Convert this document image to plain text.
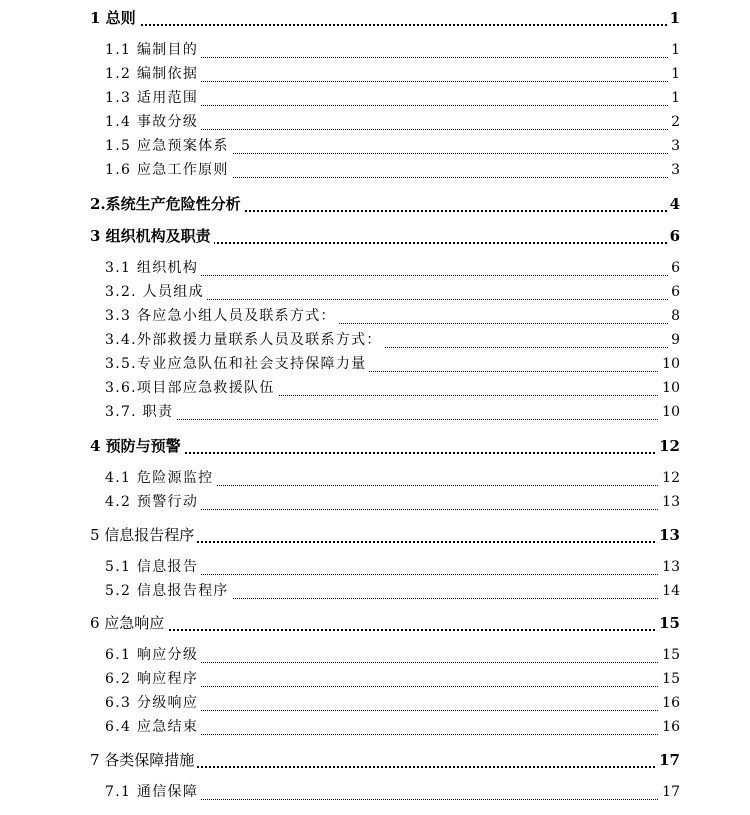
1 总则	1
1.1 编制目的	1
1.2 编制依据	1
1.3 适用范围	1
1.4 事故分级	2
1.5 应急预案体系	3
1.6 应急工作原则	3
2.系统生产危险性分析	4
3 组织机构及职责	6
3.1 组织机构	6
3.2. 人员组成	6
3.3 各应急小组人员及联系方式：	8
3.4.外部救援力量联系人员及联系方式：	9
3.5.专业应急队伍和社会支持保障力量	10
3.6.项目部应急救援队伍	10
3.7. 职责	10
4 预防与预警	12
4.1 危险源监控	12
4.2 预警行动	13
5 信息报告程序	13
5.1 信息报告	13
5.2 信息报告程序	14
6 应急响应	15
6.1 响应分级	15
6.2 响应程序	15
6.3 分级响应	16
6.4 应急结束	16
7 各类保障措施	17
7.1 通信保障	17
